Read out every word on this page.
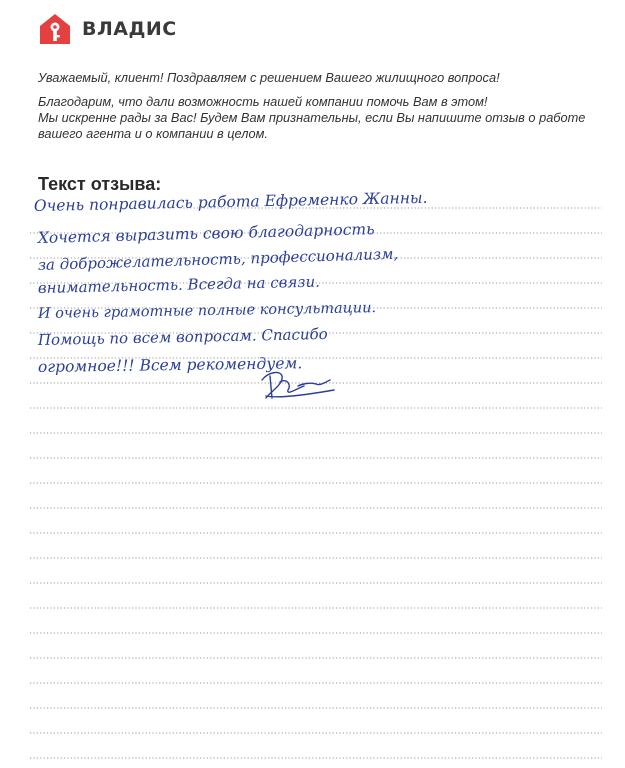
ВЛАДИС

Уважаемый, клиент! Поздравляем с решением Вашего жилищного вопроса!

Благодарим, что дали возможность нашей компании помочь Вам в этом!
Мы искренне рады за Вас! Будем Вам признательны, если Вы напишите отзыв о работе
вашего агента и о компании в целом.

Текст отзыва:
Очень понравилась работа Ефременко Жанны.
Хочется выразить свою благодарность
за доброжелательность, профессионализм,
внимательность. Всегда на связи.
И очень грамотные полные консультации.
Помощь по всем вопросам. Спасибо
огромное!!! Всем рекомендуем.
